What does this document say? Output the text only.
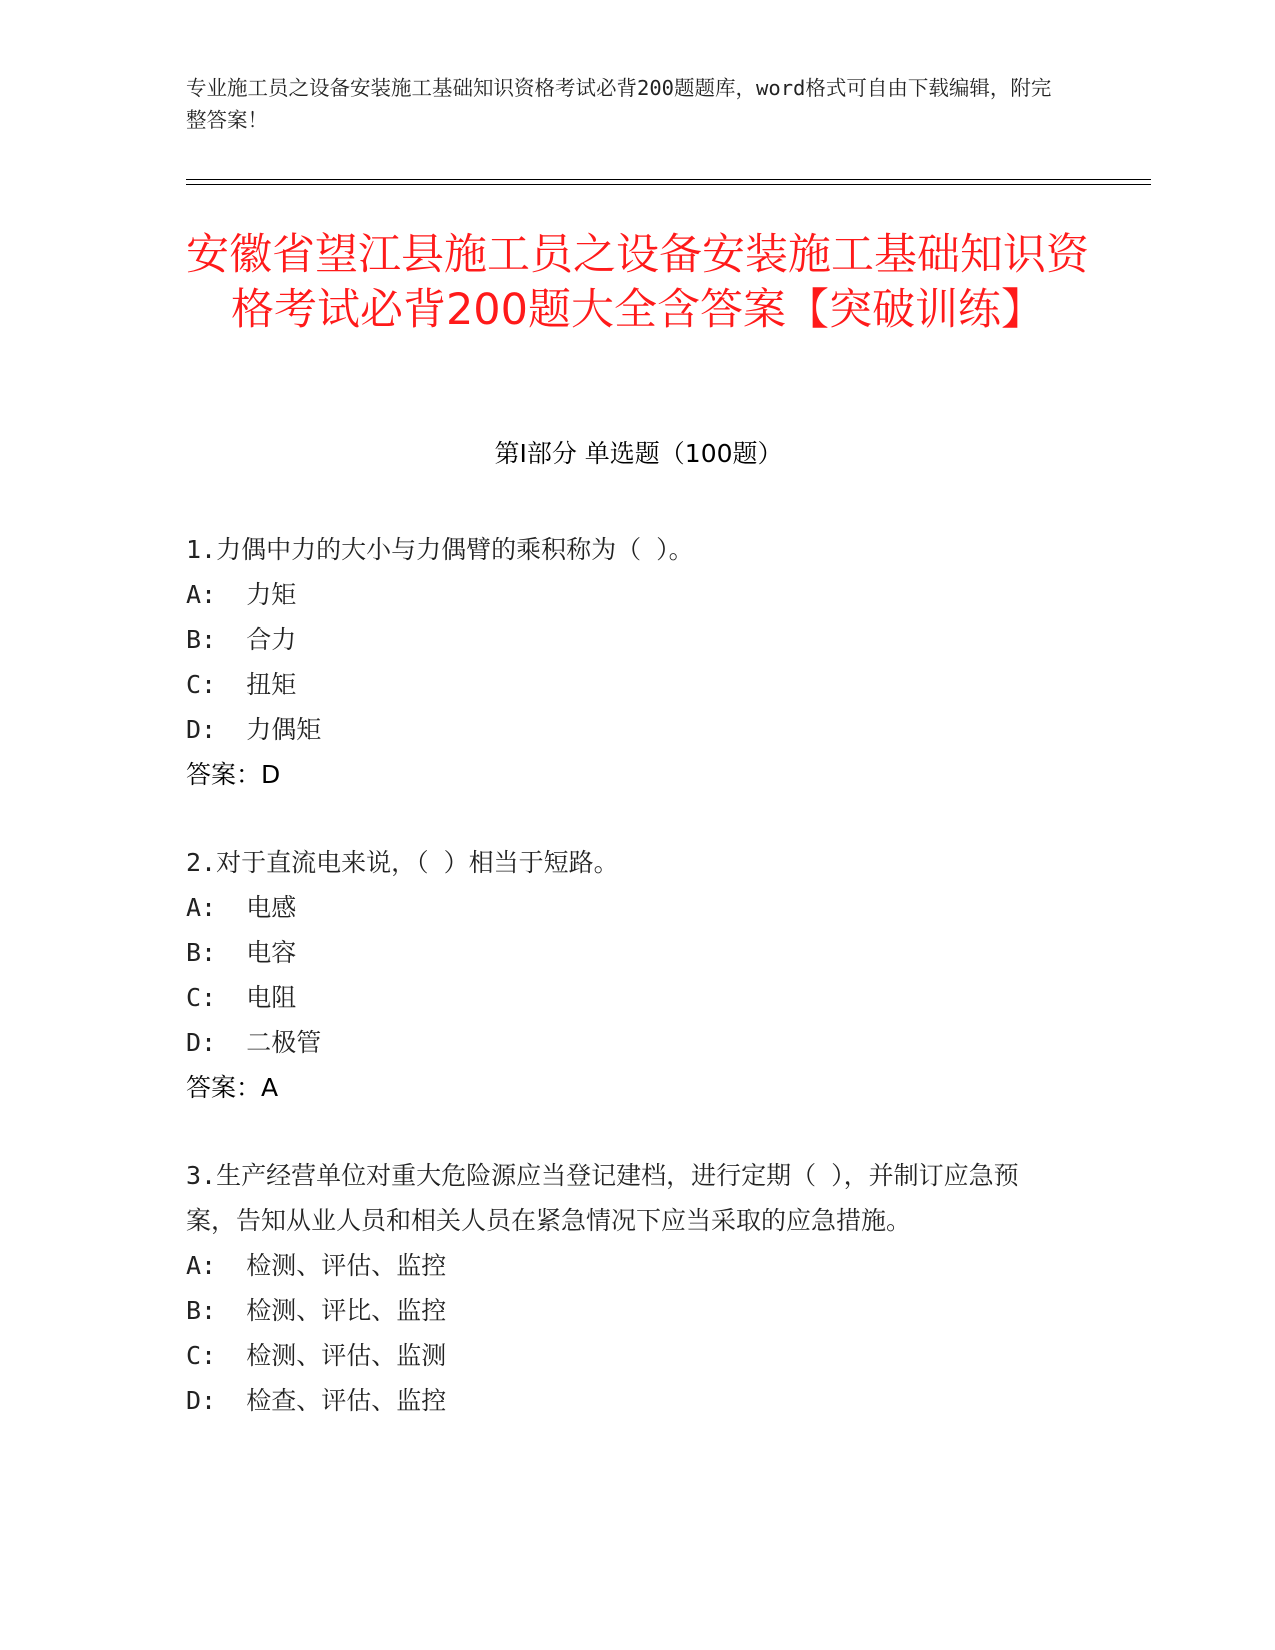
专业施工员之设备安装施工基础知识资格考试必背200题题库，word格式可自由下载编辑，附完整答案！
安徽省望江县施工员之设备安装施工基础知识资格考试必背200题大全含答案【突破训练】
第I部分 单选题（100题）
1.力偶中力的大小与力偶臂的乘积称为（ ）。
A:  力矩
B:  合力
C:  扭矩
D:  力偶矩
答案：D
2.对于直流电来说，（ ）相当于短路。
A:  电感
B:  电容
C:  电阻
D:  二极管
答案：A
3.生产经营单位对重大危险源应当登记建档，进行定期（ ），并制订应急预案，告知从业人员和相关人员在紧急情况下应当采取的应急措施。
A:  检测、评估、监控
B:  检测、评比、监控
C:  检测、评估、监测
D:  检查、评估、监控
